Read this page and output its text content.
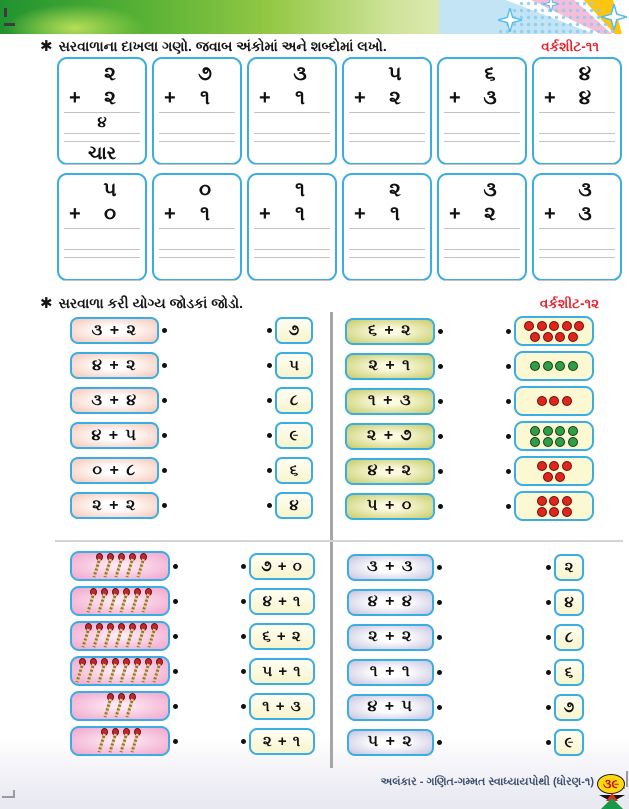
✱ સરવાળાના દાખલા ગણો. જવાબ અંકોમાં અને શબ્દોમાં લખો.	વર્કશીટ-૧૧
૨
+	૨
૪
ચાર
૭
+	૧
૩
+	૧
૫
+	૨
૬
+	૩
૪
+	૪
૫
+	૦
૦
+	૧
૧
+	૧
૨
+	૧
૩
+	૨
૩
+	૩
✱ સરવાળા કરી યોગ્ય જોડકાં જોડો.	વર્કશીટ-૧૨
૩ + ૨	૭
૪ + ૨	૫
૩ + ૪	૮
૪ + ૫	૯
૦ + ૮	૬
૨ + ૨	૪
૬ + ૨
૨ + ૧
૧ + ૩
૨ + ૭
૪ + ૨
૫ + ૦
૭ + ૦
૪ + ૧
૬ + ૨
૫ + ૧
૧ + ૩
૨ + ૧
૩ + ૩	૨
૪ + ૪	૪
૨ + ૨	૮
૧ + ૧	૬
૪ + ૫	૭
૫ + ૨	૯
અલંકાર - ગણિત-ગમ્મત સ્વાધ્યાયપોથી (ધોરણ-૧) ૩૯
